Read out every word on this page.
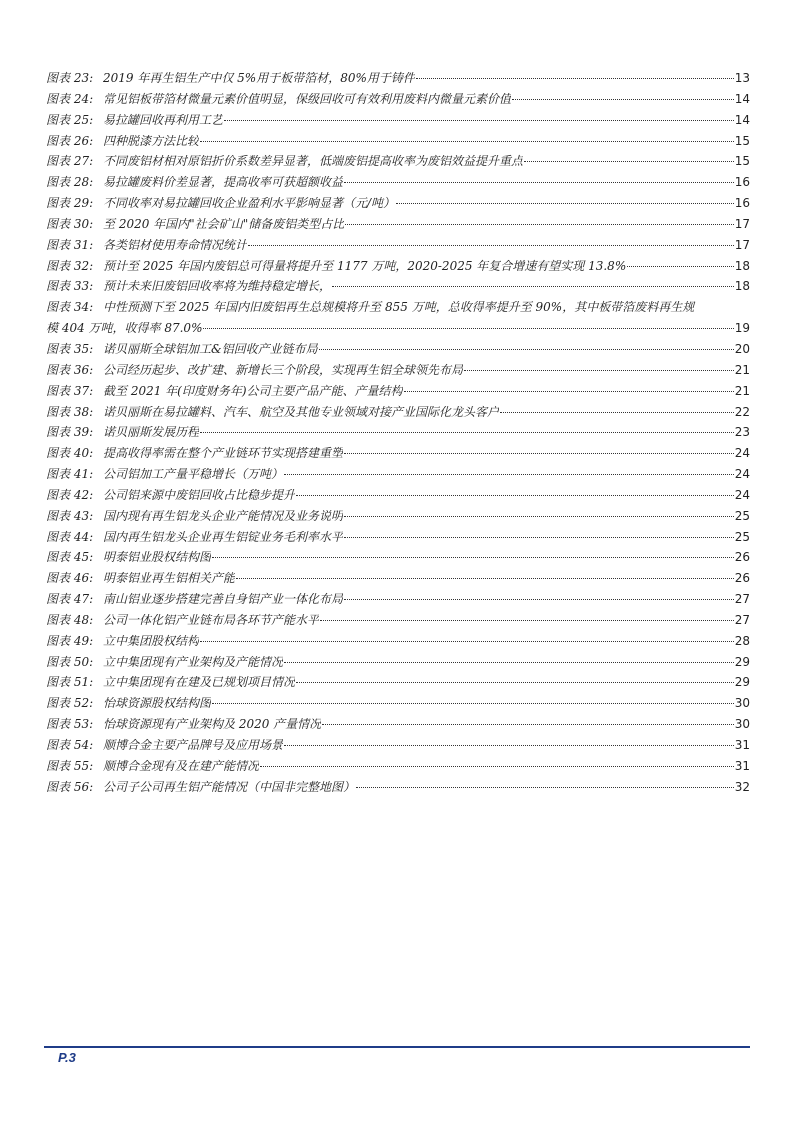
图表 23: 2019 年再生铝生产中仅 5%用于板带箔材，80%用于铸件	13
图表 24: 常见铝板带箔材微量元素价值明显，保级回收可有效利用废料内微量元素价值	14
图表 25: 易拉罐回收再利用工艺	14
图表 26: 四种脱漆方法比较	15
图表 27: 不同废铝材相对原铝折价系数差异显著，低端废铝提高收率为废铝效益提升重点	15
图表 28: 易拉罐废料价差显著，提高收率可获超额收益	16
图表 29: 不同收率对易拉罐回收企业盈利水平影响显著（元/吨）	16
图表 30: 至 2020 年国内"社会矿山"储备废铝类型占比	17
图表 31: 各类铝材使用寿命情况统计	17
图表 32: 预计至 2025 年国内废铝总可得量将提升至 1177 万吨，2020-2025 年复合增速有望实现 13.8%	18
图表 33: 预计未来旧废铝回收率将为维持稳定增长，	18
图表 34: 中性预测下至 2025 年国内旧废铝再生总规模将升至 855 万吨，总收得率提升至 90%，其中板带箔废料再生规
模 404 万吨，收得率 87.0%	19
图表 35: 诺贝丽斯全球铝加工&铝回收产业链布局	20
图表 36: 公司经历起步、改扩建、新增长三个阶段，实现再生铝全球领先布局	21
图表 37: 截至 2021 年(印度财务年)公司主要产品产能、产量结构	21
图表 38: 诺贝丽斯在易拉罐料、汽车、航空及其他专业领域对接产业国际化龙头客户	22
图表 39: 诺贝丽斯发展历程	23
图表 40: 提高收得率需在整个产业链环节实现搭建重塑	24
图表 41: 公司铝加工产量平稳增长（万吨）	24
图表 42: 公司铝来源中废铝回收占比稳步提升	24
图表 43: 国内现有再生铝龙头企业产能情况及业务说明	25
图表 44: 国内再生铝龙头企业再生铝锭业务毛利率水平	25
图表 45: 明泰铝业股权结构图	26
图表 46: 明泰铝业再生铝相关产能	26
图表 47: 南山铝业逐步搭建完善自身铝产业一体化布局	27
图表 48: 公司一体化铝产业链布局各环节产能水平	27
图表 49: 立中集团股权结构	28
图表 50: 立中集团现有产业架构及产能情况	29
图表 51: 立中集团现有在建及已规划项目情况	29
图表 52: 怡球资源股权结构图	30
图表 53: 怡球资源现有产业架构及 2020 产量情况	30
图表 54: 顺博合金主要产品牌号及应用场景	31
图表 55: 顺博合金现有及在建产能情况	31
图表 56: 公司子公司再生铝产能情况（中国非完整地图）	32
P.3
